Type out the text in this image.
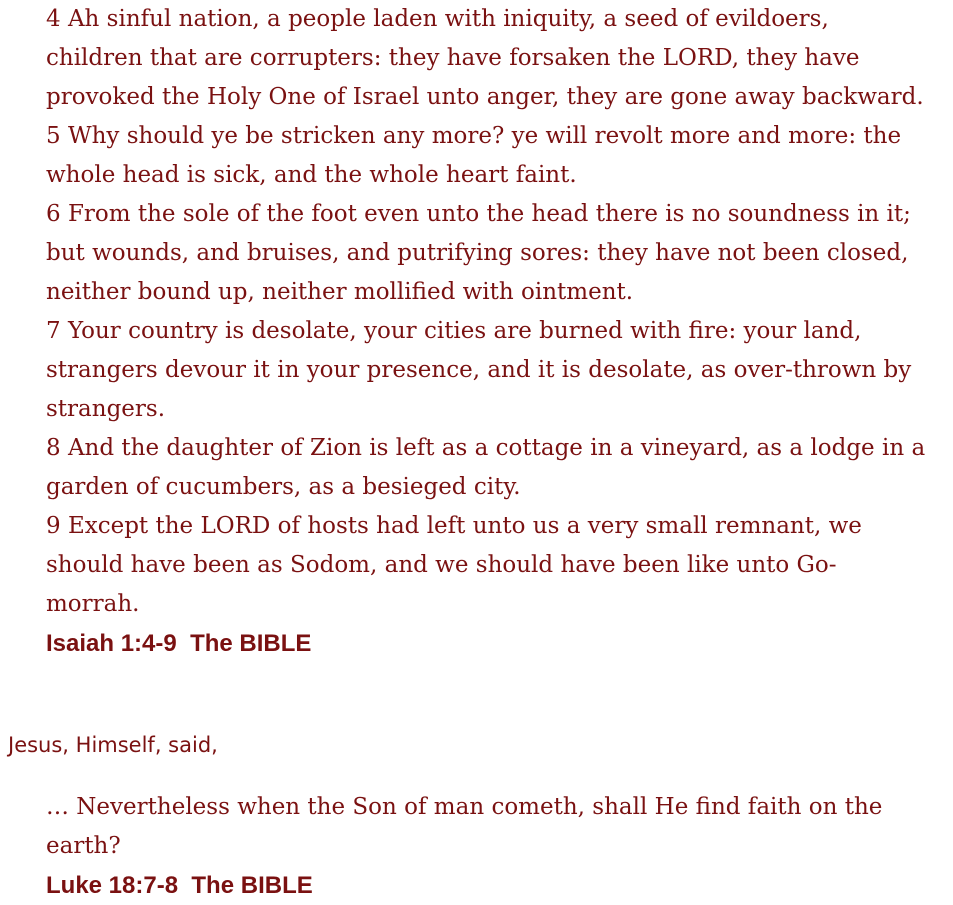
4 Ah sinful nation, a people laden with iniquity, a seed of evildoers, children that are corrupters: they have forsaken the LORD, they have provoked the Holy One of Israel unto anger, they are gone away backward.

5 Why should ye be stricken any more? ye will revolt more and more: the whole head is sick, and the whole heart faint.

6 From the sole of the foot even unto the head there is no soundness in it; but wounds, and bruises, and putrifying sores: they have not been closed, neither bound up, neither mollified with ointment.

7 Your country is desolate, your cities are burned with fire: your land, strangers devour it in your presence, and it is desolate, as over-thrown by strangers.

8 And the daughter of Zion is left as a cottage in a vineyard, as a lodge in a garden of cucumbers, as a besieged city.

9 Except the LORD of hosts had left unto us a very small remnant, we should have been as Sodom, and we should have been like unto Go-morrah.

Isaiah 1:4-9  The BIBLE

Jesus, Himself, said,

… Nevertheless when the Son of man cometh, shall He find faith on the earth?

Luke 18:7-8  The BIBLE
